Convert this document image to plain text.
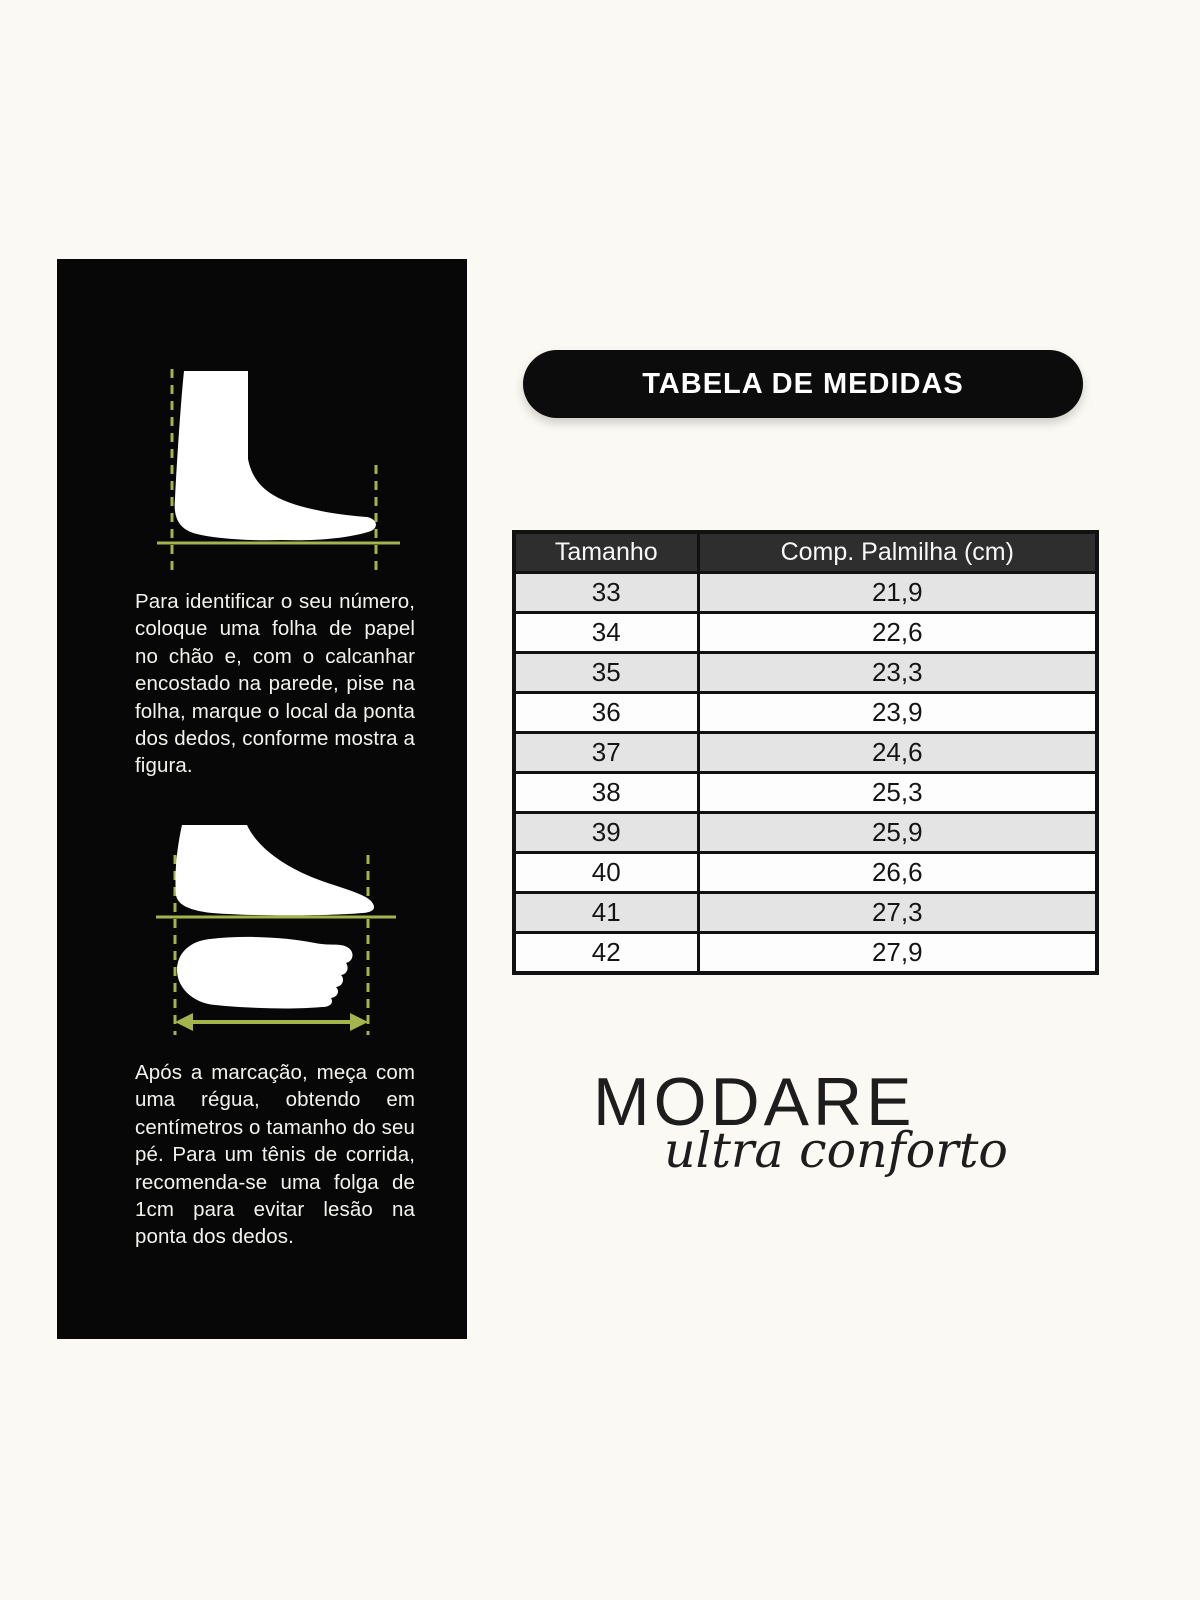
Para identificar o seu número,
coloque uma folha de papel
no chão e, com o calcanhar
encostado na parede, pise na
folha, marque o local da ponta
dos dedos, conforme mostra a
figura.
Após a marcação, meça com
uma régua, obtendo em
centímetros o tamanho do seu
pé. Para um tênis de corrida,
recomenda-se uma folga de
1cm para evitar lesão na
ponta dos dedos.
TABELA DE MEDIDAS
Tamanho	Comp. Palmilha (cm)
33	21,9
34	22,6
35	23,3
36	23,9
37	24,6
38	25,3
39	25,9
40	26,6
41	27,3
42	27,9
MODARE
ultra conforto
